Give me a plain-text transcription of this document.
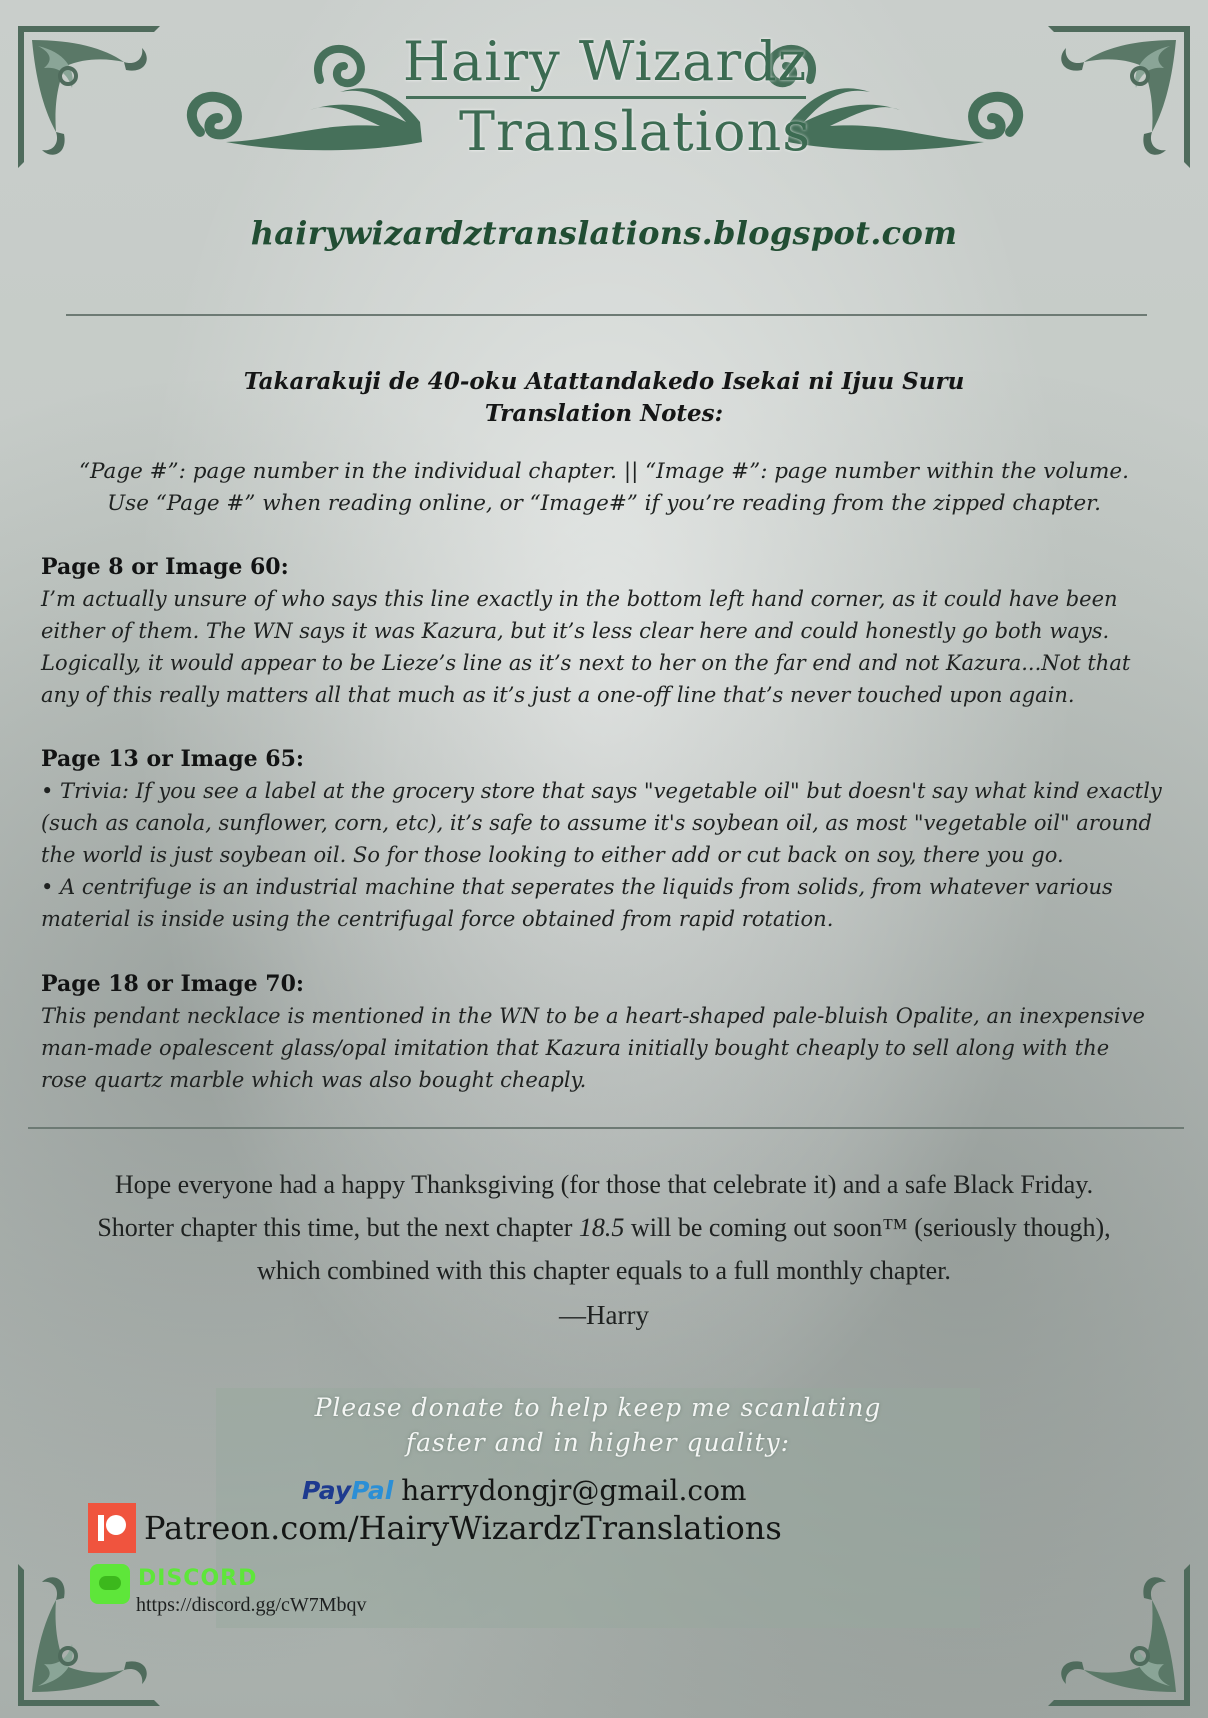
Hairy Wizardz
Translations
hairywizardztranslations.blogspot.com
Takarakuji de 40-oku Atattandakedo Isekai ni Ijuu Suru
Translation Notes:
“Page #”: page number in the individual chapter. || “Image #”: page number within the volume.
Use “Page #” when reading online, or “Image#” if you’re reading from the zipped chapter.
Page 8 or Image 60:
I’m actually unsure of who says this line exactly in the bottom left hand corner, as it could have been
either of them. The WN says it was Kazura, but it’s less clear here and could honestly go both ways.
Logically, it would appear to be Lieze’s line as it’s next to her on the far end and not Kazura...Not that
any of this really matters all that much as it’s just a one-off line that’s never touched upon again.
Page 13 or Image 65:
• Trivia: If you see a label at the grocery store that says "vegetable oil" but doesn't say what kind exactly
(such as canola, sunflower, corn, etc), it’s safe to assume it's soybean oil, as most "vegetable oil" around
the world is just soybean oil. So for those looking to either add or cut back on soy, there you go.
• A centrifuge is an industrial machine that seperates the liquids from solids, from whatever various
material is inside using the centrifugal force obtained from rapid rotation.
Page 18 or Image 70:
This pendant necklace is mentioned in the WN to be a heart-shaped pale-bluish Opalite, an inexpensive
man-made opalescent glass/opal imitation that Kazura initially bought cheaply to sell along with the
rose quartz marble which was also bought cheaply.
Hope everyone had a happy Thanksgiving (for those that celebrate it) and a safe Black Friday.
Shorter chapter this time, but the next chapter 18.5 will be coming out soon™ (seriously though),
which combined with this chapter equals to a full monthly chapter.
—Harry
Please donate to help keep me scanlating
faster and in higher quality:
PayPal harrydongjr@gmail.com
Patreon.com/HairyWizardzTranslations
DISCORD
https://discord.gg/cW7Mbqv
